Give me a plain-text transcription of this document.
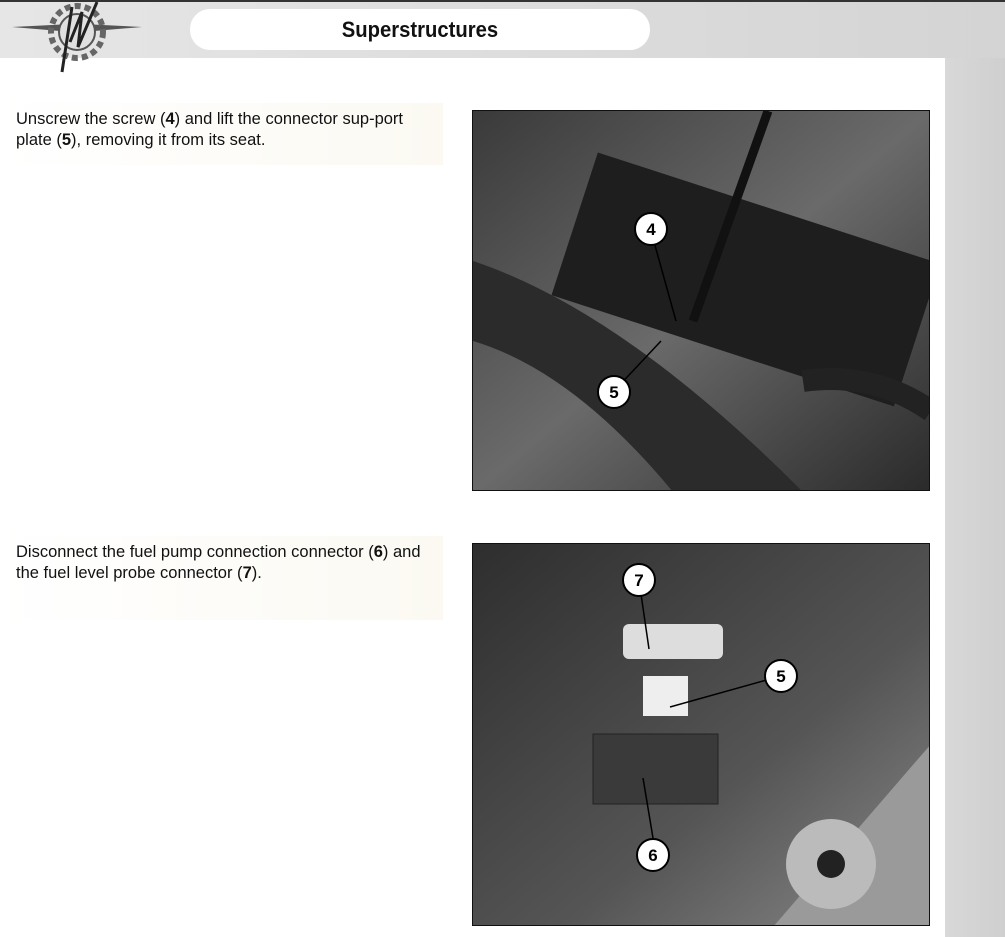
Superstructures
Unscrew the screw (4) and lift the connector sup-port plate (5), removing it from its seat.
Disconnect the fuel pump connection connector (6) and the fuel level probe connector (7).
4
5
7
5
6
